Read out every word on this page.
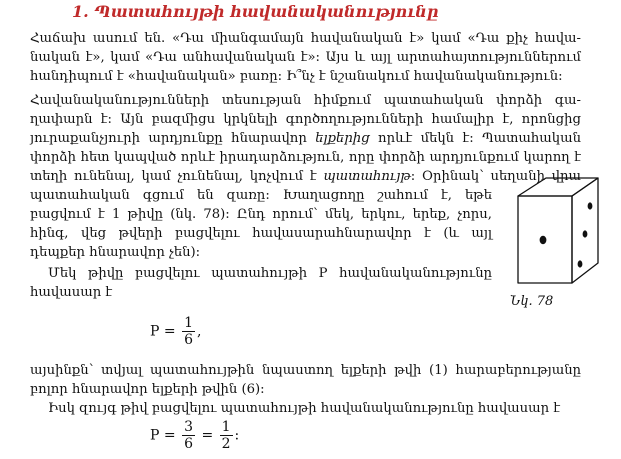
1. Պատահույթի հավանականությունը
Հաճախ ասում են. «Դա միանգամայն հավանական է» կամ «Դա քիչ հավա-
նական է», կամ «Դա անհավանական է»: Այս և այլ արտահայտություններում
հանդիպում է «հավանական» բառը: Ի՞նչ է նշանակում հավանականություն:
Հավանականությունների տեսության հիմքում պատահական փորձի գա-
ղափարն է: Այն բազմիցս կրկնելի գործողությունների համալիր է, որոնցից
յուրաքանչյուրի արդյունքը հնարավոր ելքերից որևէ մեկն է: Պատահական
փորձի հետ կապված որևէ իրադարձություն, որը փորձի արդյունքում կարող է
տեղի ունենալ, կամ չունենալ, կոչվում է պատահույթ: Օրինակ՝ սեղանի վրա
պատահական գցում են զառը: Խաղացողը շահում է, եթե
բացվում է 1 թիվը (նկ. 78): Ընդ որում՝ մեկ, երկու, երեք, չորս,
հինգ, վեց թվերի բացվելու հավասարահնարավոր է (և այլ
դեպքեր հնարավոր չեն):
Մեկ թիվը բացվելու պատահույթի P հավանականությունը
հավասար է
$P = \frac{1}{6}$ ,
այսինքն՝ տվյալ պատահույթին նպաստող ելքերի թվի (1) հարաբերությանը
բոլոր հնարավոր ելքերի թվին (6):
Իսկ զույգ թիվ բացվելու պատահույթի հավանականությունը հավասար է
$P = \frac{3}{6} = \frac{1}{2}$ :
Նկ. 78
